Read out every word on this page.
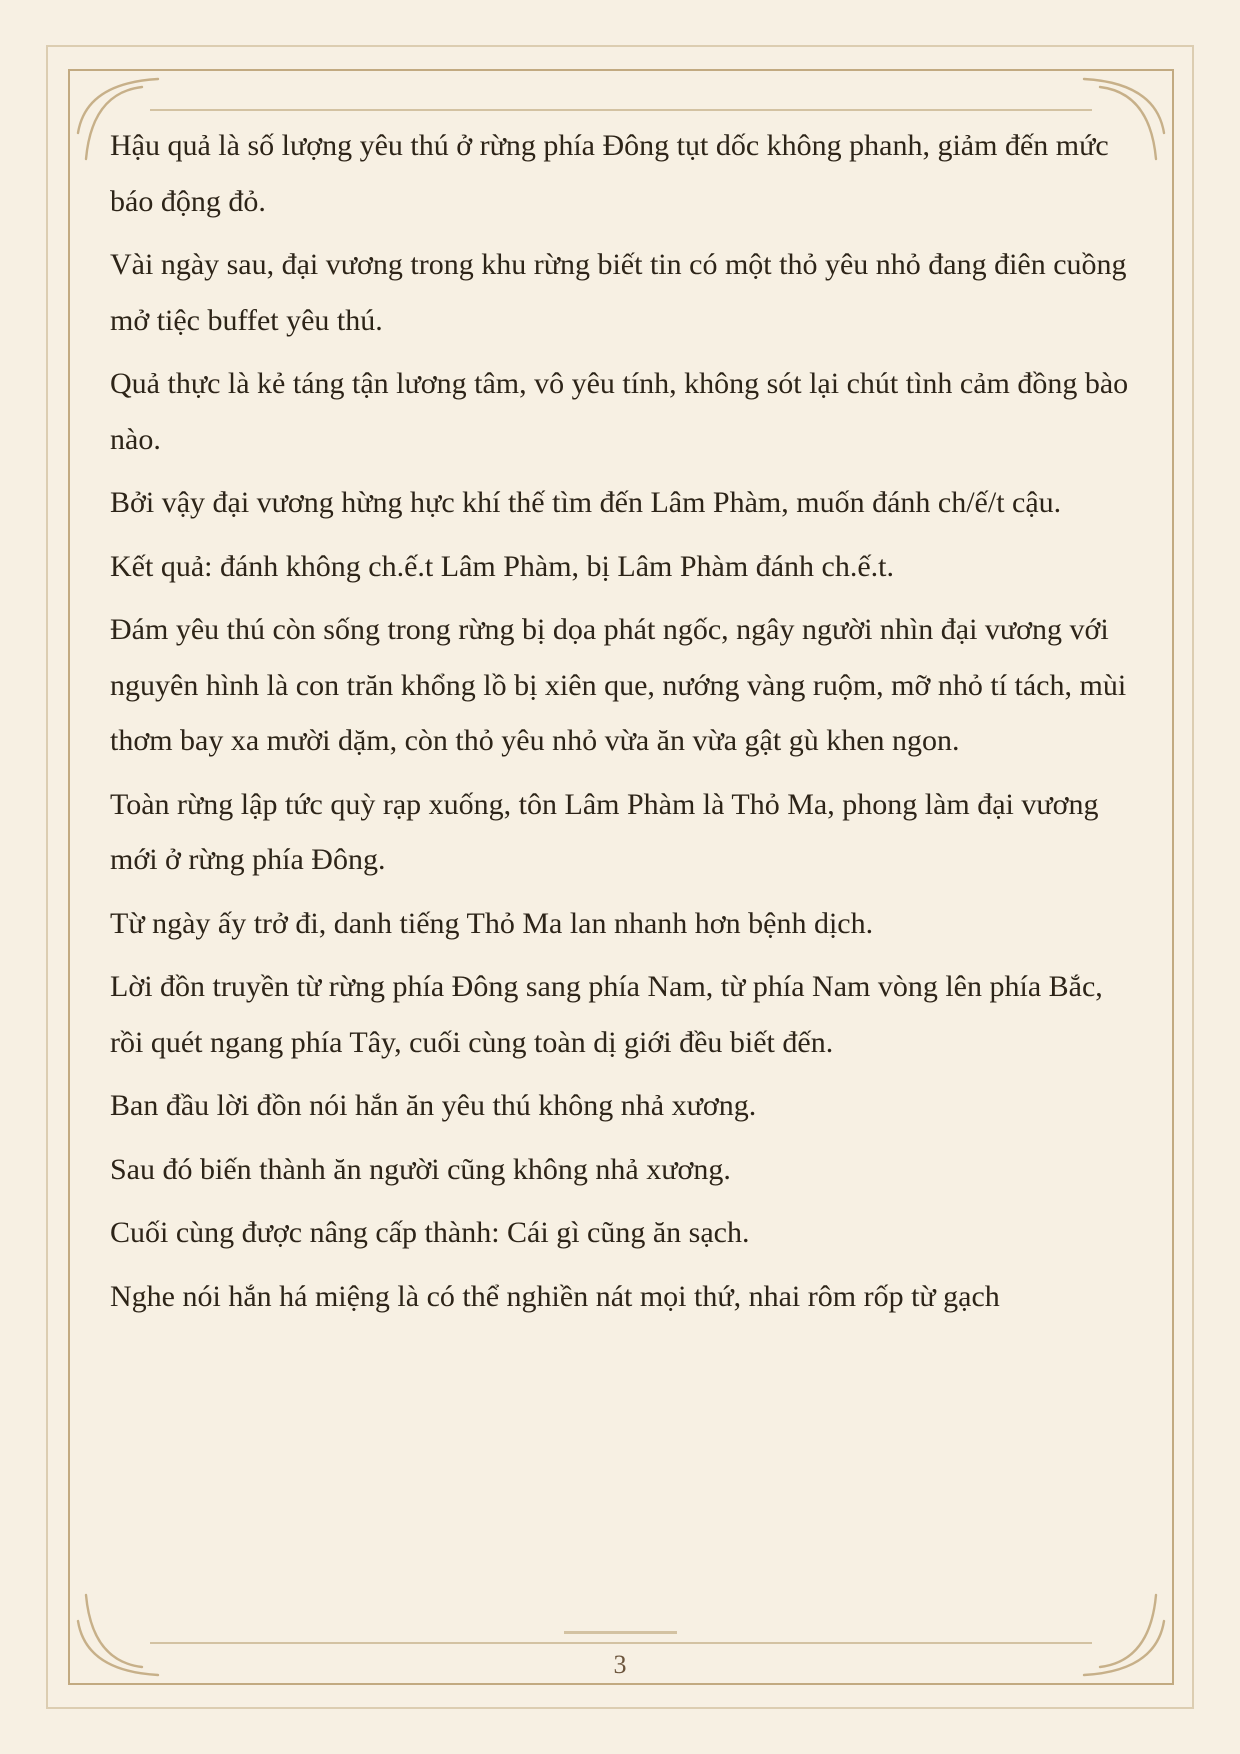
Hậu quả là số lượng yêu thú ở rừng phía Đông tụt dốc không phanh, giảm đến mức báo động đỏ.

Vài ngày sau, đại vương trong khu rừng biết tin có một thỏ yêu nhỏ đang điên cuồng mở tiệc buffet yêu thú.

Quả thực là kẻ táng tận lương tâm, vô yêu tính, không sót lại chút tình cảm đồng bào nào.

Bởi vậy đại vương hừng hực khí thế tìm đến Lâm Phàm, muốn đánh ch/ế/t cậu.

Kết quả: đánh không ch.ế.t Lâm Phàm, bị Lâm Phàm đánh ch.ế.t.

Đám yêu thú còn sống trong rừng bị dọa phát ngốc, ngây người nhìn đại vương với nguyên hình là con trăn khổng lồ bị xiên que, nướng vàng ruộm, mỡ nhỏ tí tách, mùi thơm bay xa mười dặm, còn thỏ yêu nhỏ vừa ăn vừa gật gù khen ngon.

Toàn rừng lập tức quỳ rạp xuống, tôn Lâm Phàm là Thỏ Ma, phong làm đại vương mới ở rừng phía Đông.

Từ ngày ấy trở đi, danh tiếng Thỏ Ma lan nhanh hơn bệnh dịch.

Lời đồn truyền từ rừng phía Đông sang phía Nam, từ phía Nam vòng lên phía Bắc, rồi quét ngang phía Tây, cuối cùng toàn dị giới đều biết đến.

Ban đầu lời đồn nói hắn ăn yêu thú không nhả xương.

Sau đó biến thành ăn người cũng không nhả xương.

Cuối cùng được nâng cấp thành: Cái gì cũng ăn sạch.

Nghe nói hắn há miệng là có thể nghiền nát mọi thứ, nhai rôm rốp từ gạch

3
